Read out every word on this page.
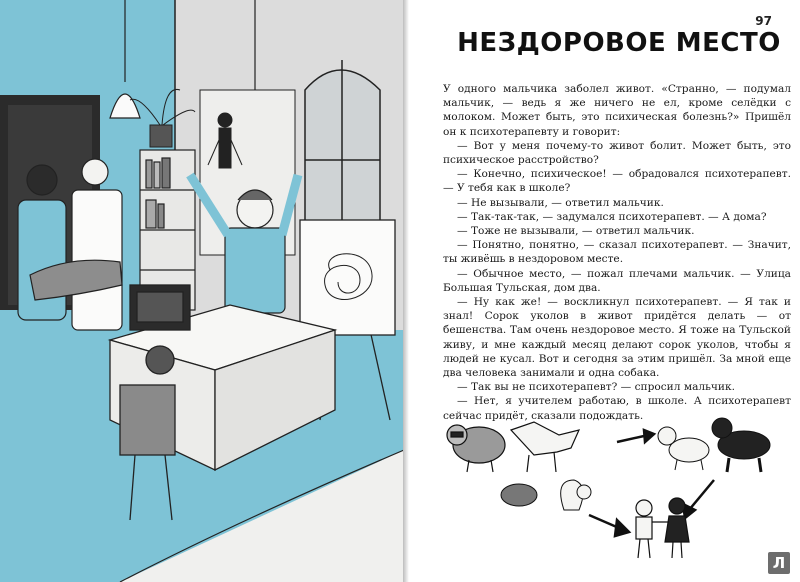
97
НЕЗДОРОВОЕ МЕСТО

У одного мальчика заболел живот. «Странно, — подумал мальчик, — ведь я же ничего не ел, кроме селёдки с молоком. Может быть, это психическая болезнь?» Пришёл он к психотерапевту и говорит:

— Вот у меня почему-то живот болит. Может быть, это психическое расстройство?

— Конечно, психическое! — обрадовался психотерапевт. — У тебя как в школе?

— Не вызывали, — ответил мальчик.

— Так-так-так, — задумался психотерапевт. — А дома?

— Тоже не вызывали, — ответил мальчик.

— Понятно, понятно, — сказал психотерапевт. — Значит, ты живёшь в нездоровом месте.

— Обычное место, — пожал плечами мальчик. — Улица Большая Тульская, дом два.

— Ну как же! — воскликнул психотерапевт. — Я так и знал! Сорок уколов в живот придётся делать — от бешенства. Там очень нездоровое место. Я тоже на Тульской живу, и мне каждый месяц делают сорок уколов, чтобы я людей не кусал. Вот и сегодня за этим пришёл. За мной еще два человека занимали и одна собака.

— Так вы не психотерапевт? — спросил мальчик.

— Нет, я учителем работаю, в школе. А психотерапевт сейчас придёт, сказали подождать.

Л
